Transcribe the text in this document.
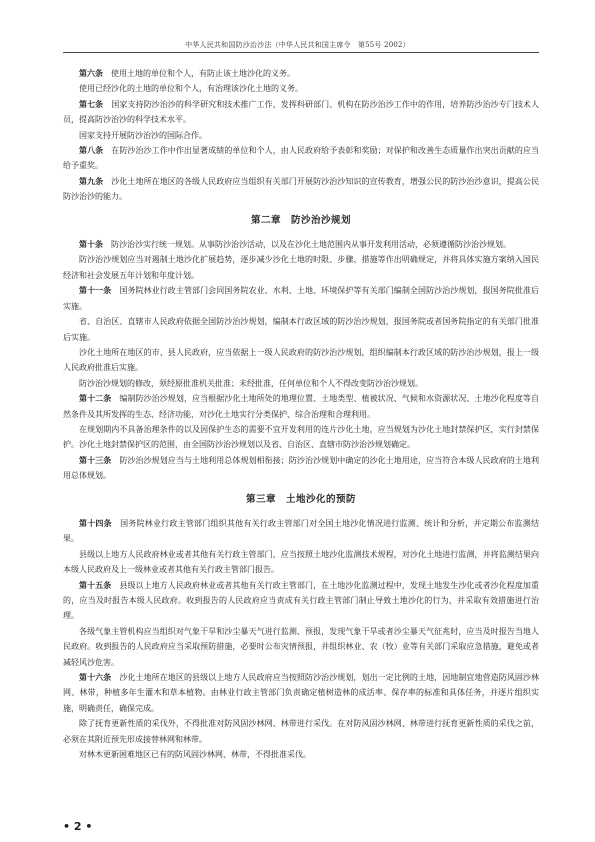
中华人民共和国防沙治沙法（中华人民共和国主席令　第55号 2002）

第六条　使用土地的单位和个人，有防止该土地沙化的义务。

使用已经沙化的土地的单位和个人，有治理该沙化土地的义务。

第七条　国家支持防沙治沙的科学研究和技术推广工作，发挥科研部门、机构在防沙治沙工作中的作用，培养防沙治沙专门技术人员，提高防沙治沙的科学技术水平。

国家支持开展防沙治沙的国际合作。

第八条　在防沙治沙工作中作出显著成绩的单位和个人，由人民政府给予表彰和奖励；对保护和改善生态质量作出突出贡献的应当给予重奖。

第九条　沙化土地所在地区的各级人民政府应当组织有关部门开展防沙治沙知识的宣传教育，增强公民的防沙治沙意识，提高公民防沙治沙的能力。

第二章　防沙治沙规划

第十条　防沙治沙实行统一规划。从事防沙治沙活动，以及在沙化土地范围内从事开发利用活动，必须遵循防沙治沙规划。

防沙治沙规划应当对遏制土地沙化扩展趋势，逐步减少沙化土地的时限、步骤、措施等作出明确规定，并将具体实施方案纳入国民经济和社会发展五年计划和年度计划。

第十一条　国务院林业行政主管部门会同国务院农业、水利、土地、环境保护等有关部门编制全国防沙治沙规划，报国务院批准后实施。

省、自治区、直辖市人民政府依据全国防沙治沙规划，编制本行政区域的防沙治沙规划，报国务院或者国务院指定的有关部门批准后实施。

沙化土地所在地区的市、县人民政府，应当依据上一级人民政府的防沙治沙规划，组织编制本行政区域的防沙治沙规划，报上一级人民政府批准后实施。

防沙治沙规划的修改，须经原批准机关批准；未经批准，任何单位和个人不得改变防沙治沙规划。

第十二条　编制防沙治沙规划，应当根据沙化土地所处的地理位置、土地类型、植被状况、气候和水资源状况、土地沙化程度等自然条件及其所发挥的生态、经济功能，对沙化土地实行分类保护、综合治理和合理利用。

在规划期内不具备治理条件的以及因保护生态的需要不宜开发利用的连片沙化土地，应当规划为沙化土地封禁保护区，实行封禁保护。沙化土地封禁保护区的范围，由全国防沙治沙规划以及省、自治区、直辖市防沙治沙规划确定。

第十三条　防沙治沙规划应当与土地利用总体规划相衔接；防沙治沙规划中确定的沙化土地用途，应当符合本级人民政府的土地利用总体规划。

第三章　土地沙化的预防

第十四条　国务院林业行政主管部门组织其他有关行政主管部门对全国土地沙化情况进行监测、统计和分析，并定期公布监测结果。

县级以上地方人民政府林业或者其他有关行政主管部门，应当按照土地沙化监测技术规程，对沙化土地进行监测，并将监测结果向本级人民政府及上一级林业或者其他有关行政主管部门报告。

第十五条　县级以上地方人民政府林业或者其他有关行政主管部门，在土地沙化监测过程中，发现土地发生沙化或者沙化程度加重的，应当及时报告本级人民政府。收到报告的人民政府应当责成有关行政主管部门制止导致土地沙化的行为，并采取有效措施进行治理。

各级气象主管机构应当组织对气象干旱和沙尘暴天气进行监测、预报，发现气象干旱或者沙尘暴天气征兆时，应当及时报告当地人民政府。收到报告的人民政府应当采取预防措施，必要时公布灾情预报，并组织林业、农（牧）业等有关部门采取应急措施，避免或者减轻风沙危害。

第十六条　沙化土地所在地区的县级以上地方人民政府应当按照防沙治沙规划，划出一定比例的土地，因地制宜地营造防风固沙林网、林带，种植多年生灌木和草本植物。由林业行政主管部门负责确定植树造林的成活率、保存率的标准和具体任务，并逐片组织实施，明确责任，确保完成。

除了抚育更新性质的采伐外，不得批准对防风固沙林网、林带进行采伐。在对防风固沙林网、林带进行抚育更新性质的采伐之前，必须在其附近预先形成接替林网和林带。

对林木更新困难地区已有的防风固沙林网、林带，不得批准采伐。

• 2 •
